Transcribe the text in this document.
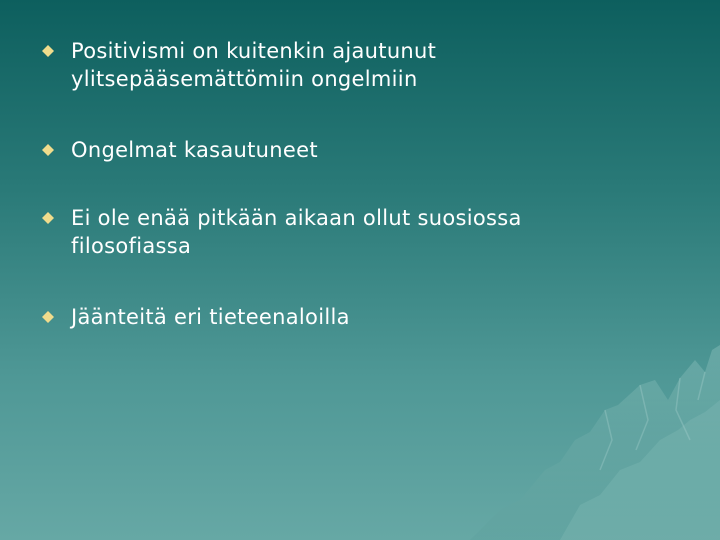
Positivismi on kuitenkin ajautunut
ylitsepääsemättömiin ongelmiin
Ongelmat kasautuneet
Ei ole enää pitkään aikaan ollut suosiossa
filosofiassa
Jäänteitä eri tieteenaloilla
